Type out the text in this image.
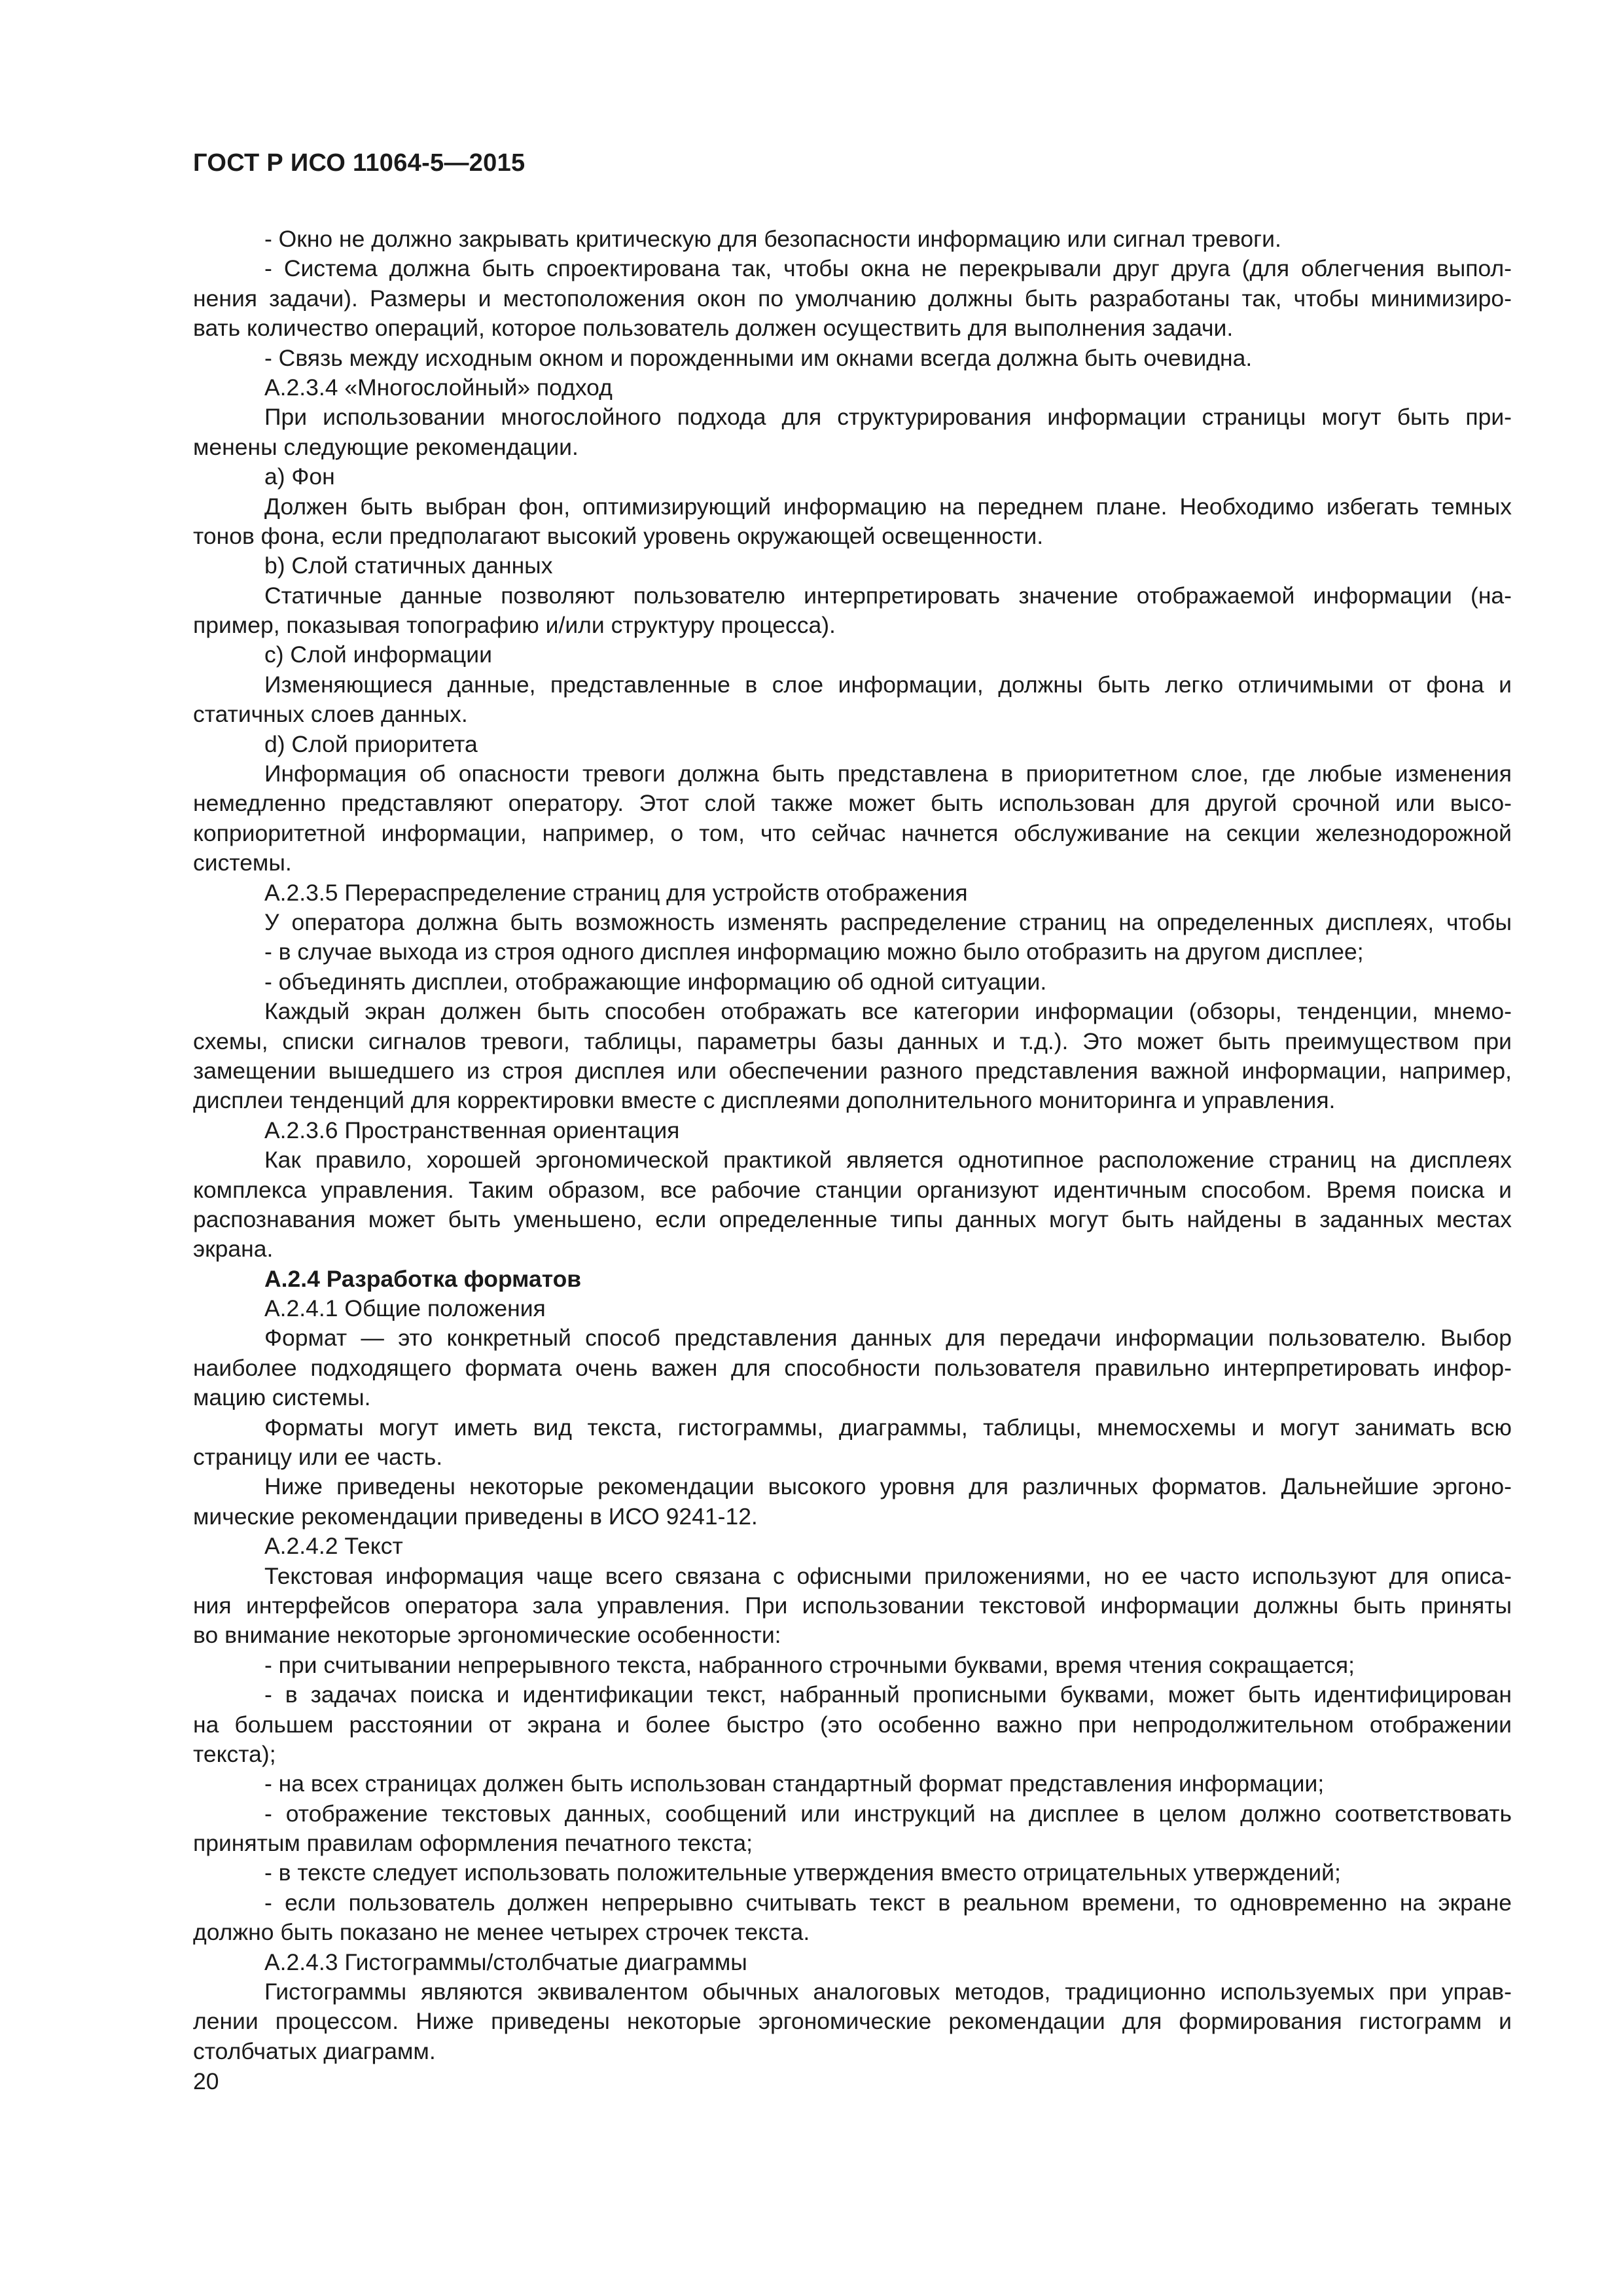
ГОСТ Р ИСО 11064-5—2015
- Окно не должно закрывать критическую для безопасности информацию или сигнал тревоги.
- Система должна быть спроектирована так, чтобы окна не перекрывали друг друга (для облегчения выпол-
нения задачи). Размеры и местоположения окон по умолчанию должны быть разработаны так, чтобы минимизиро-
вать количество операций, которое пользователь должен осуществить для выполнения задачи.
- Связь между исходным окном и порожденными им окнами всегда должна быть очевидна.
A.2.3.4 «Многослойный» подход
При использовании многослойного подхода для структурирования информации страницы могут быть при-
менены следующие рекомендации.
a) Фон
Должен быть выбран фон, оптимизирующий информацию на переднем плане. Необходимо избегать темных
тонов фона, если предполагают высокий уровень окружающей освещенности.
b) Слой статичных данных
Статичные данные позволяют пользователю интерпретировать значение отображаемой информации (на-
пример, показывая топографию и/или структуру процесса).
c) Слой информации
Изменяющиеся данные, представленные в слое информации, должны быть легко отличимыми от фона и
статичных слоев данных.
d) Слой приоритета
Информация об опасности тревоги должна быть представлена в приоритетном слое, где любые изменения
немедленно представляют оператору. Этот слой также может быть использован для другой срочной или высо-
коприоритетной информации, например, о том, что сейчас начнется обслуживание на секции железнодорожной
системы.
A.2.3.5 Перераспределение страниц для устройств отображения
У оператора должна быть возможность изменять распределение страниц на определенных дисплеях, чтобы
- в случае выхода из строя одного дисплея информацию можно было отобразить на другом дисплее;
- объединять дисплеи, отображающие информацию об одной ситуации.
Каждый экран должен быть способен отображать все категории информации (обзоры, тенденции, мнемо-
схемы, списки сигналов тревоги, таблицы, параметры базы данных и т.д.). Это может быть преимуществом при
замещении вышедшего из строя дисплея или обеспечении разного представления важной информации, например,
дисплеи тенденций для корректировки вместе с дисплеями дополнительного мониторинга и управления.
A.2.3.6 Пространственная ориентация
Как правило, хорошей эргономической практикой является однотипное расположение страниц на дисплеях
комплекса управления. Таким образом, все рабочие станции организуют идентичным способом. Время поиска и
распознавания может быть уменьшено, если определенные типы данных могут быть найдены в заданных местах
экрана.
A.2.4 Разработка форматов
A.2.4.1 Общие положения
Формат — это конкретный способ представления данных для передачи информации пользователю. Выбор
наиболее подходящего формата очень важен для способности пользователя правильно интерпретировать инфор-
мацию системы.
Форматы могут иметь вид текста, гистограммы, диаграммы, таблицы, мнемосхемы и могут занимать всю
страницу или ее часть.
Ниже приведены некоторые рекомендации высокого уровня для различных форматов. Дальнейшие эргоно-
мические рекомендации приведены в ИСО 9241-12.
A.2.4.2 Текст
Текстовая информация чаще всего связана с офисными приложениями, но ее часто используют для описа-
ния интерфейсов оператора зала управления. При использовании текстовой информации должны быть приняты
во внимание некоторые эргономические особенности:
- при считывании непрерывного текста, набранного строчными буквами, время чтения сокращается;
- в задачах поиска и идентификации текст, набранный прописными буквами, может быть идентифицирован
на большем расстоянии от экрана и более быстро (это особенно важно при непродолжительном отображении
текста);
- на всех страницах должен быть использован стандартный формат представления информации;
- отображение текстовых данных, сообщений или инструкций на дисплее в целом должно соответствовать
принятым правилам оформления печатного текста;
- в тексте следует использовать положительные утверждения вместо отрицательных утверждений;
- если пользователь должен непрерывно считывать текст в реальном времени, то одновременно на экране
должно быть показано не менее четырех строчек текста.
A.2.4.3 Гистограммы/столбчатые диаграммы
Гистограммы являются эквивалентом обычных аналоговых методов, традиционно используемых при управ-
лении процессом. Ниже приведены некоторые эргономические рекомендации для формирования гистограмм и
столбчатых диаграмм.
20
